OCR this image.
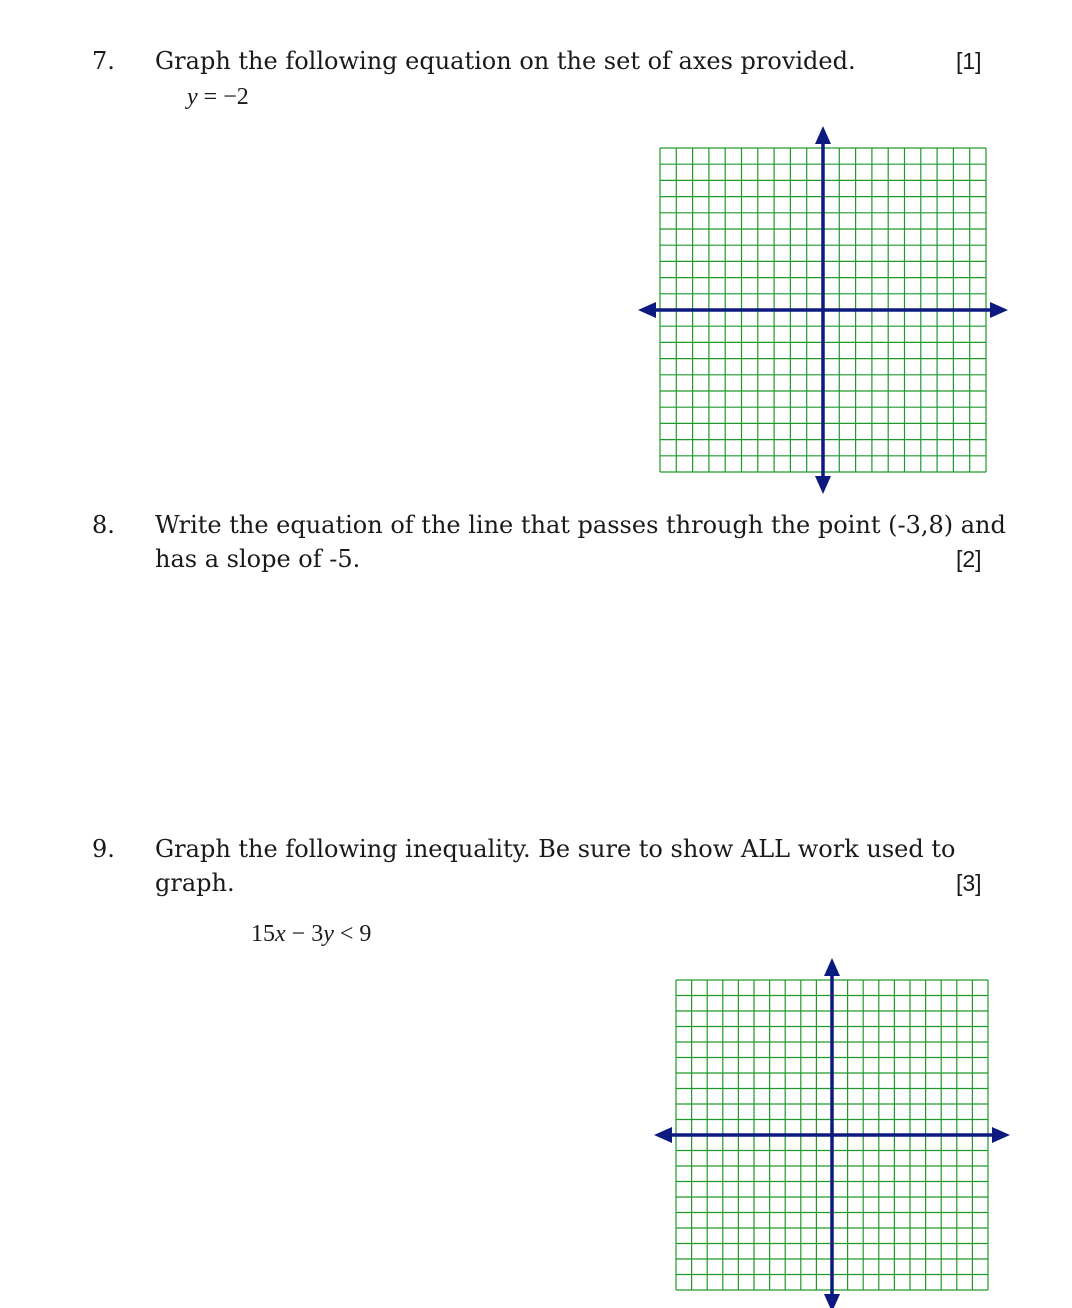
7. Graph the following equation on the set of axes provided.	[1]
y = −2
8. Write the equation of the line that passes through the point (-3,8) and
has a slope of -5.	[2]
9. Graph the following inequality. Be sure to show ALL work used to
graph.	[3]
15x − 3y < 9
